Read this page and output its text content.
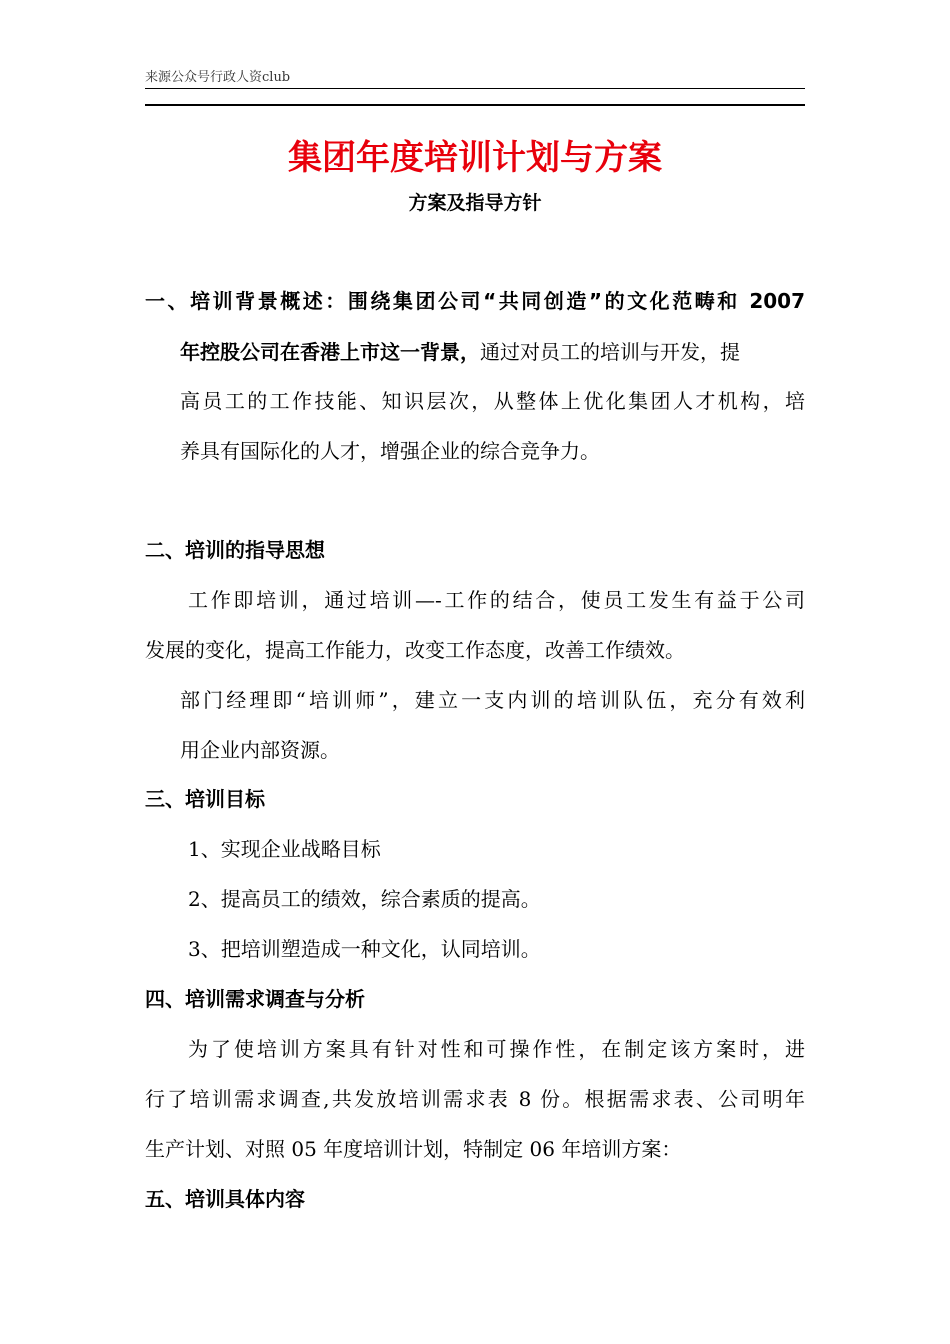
来源公众号行政人资club
集团年度培训计划与方案
方案及指导方针
一、培训背景概述：围绕集团公司“共同创造”的文化范畴和 2007
年控股公司在香港上市这一背景，通过对员工的培训与开发，提
高员工的工作技能、知识层次，从整体上优化集团人才机构，培
养具有国际化的人才，增强企业的综合竞争力。
二、培训的指导思想
工作即培训，通过培训—-工作的结合，使员工发生有益于公司
发展的变化，提高工作能力，改变工作态度，改善工作绩效。
部门经理即“培训师”，建立一支内训的培训队伍，充分有效利
用企业内部资源。
三、培训目标
1、实现企业战略目标
2、提高员工的绩效，综合素质的提高。
3、把培训塑造成一种文化，认同培训。
四、培训需求调查与分析
为了使培训方案具有针对性和可操作性，在制定该方案时，进
行了培训需求调查,共发放培训需求表 8 份。根据需求表、公司明年
生产计划、对照 05 年度培训计划，特制定 06 年培训方案：
五、培训具体内容
